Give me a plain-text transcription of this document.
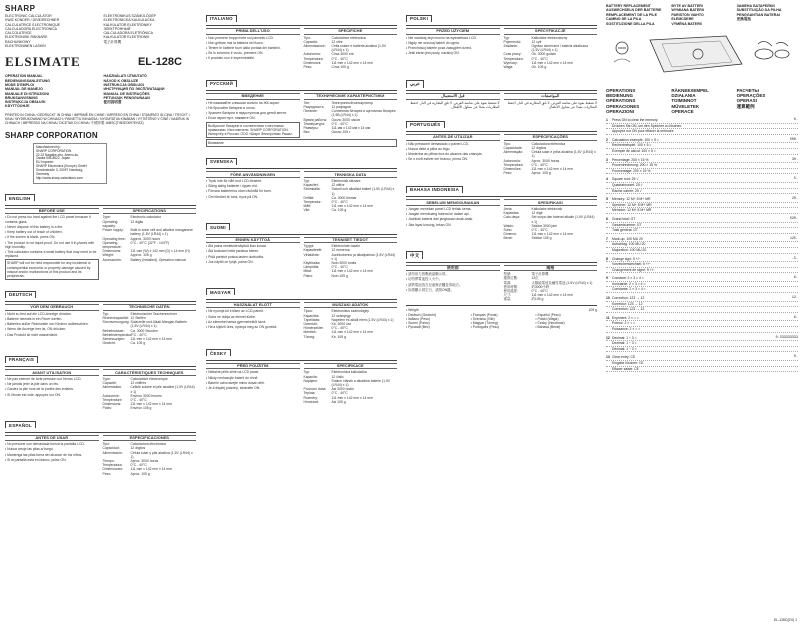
SHARP
ELECTRONIC CALCULATOR
KWIZ KONDER / DIVIDRECHNER
CALCULATRICE ELECTRONIQUE
CALCULADORA ELECTRONICA
CALCOLATRICE
ELEKTRONISK RÄKNARE
RACHUNKOWY
ELEKTRONINEN LASKIN
ELEKTRONIKUS SZÁMOLÓGÉP
ELEKTRONICKÁ KALKULAČKA
KALKULATOR ELEKTRONIKY
ЭЛЕКТРОННЫЙ
CALCULADORA ELETRÓNICA
KALKULATOR ELEKTRONIK
電子計算機
ELSIMATE	EL-128C
OPERATION MANUAL
BEDIENUNGSANLEITUNG
MODE D'EMPLOI
MANUAL DE MANEJO
MANUALE DI ISTRUZIONI
BRUKSANVISNING
INSTRUKCJA OBSŁUGI
KÄYTTÖOHJE
HASZNÁLATI ÚTMUTATÓ
NÁVOD K OBSLUZE
INSTRUKCJA OBSŁUGI
ИНСТРУКЦИЯ ПО ЭКСПЛУАТАЦИИ
MANUAL DE INSTRUÇÕES
PETUNJUK PENGGUNAAN
使用說明書
PRINTED IN CHINA / GEDRUCKT IN CHINA / IMPRIMÉ EN CHINE / IMPRESO EN CHINA / STAMPATO IN CINA / TRYCKT I KINA / WYDRUKOWANO W CHINACH / PAINETTU KIINASSA / NYOMTATVA KÍNÁBAN / VYTIŠTĚNO V ČÍNĚ / NADRUK W CHINACH / IMPRESSO NA CHINA / DICETAK DI CHINA / 中國印製 16BSC(TINSE0097EHZZ)
SHARP CORPORATION
Manufactured by:
SHARP CORPORATION
22-22 Nagaike-cho, Abeno-ku,
Osaka 545-8522, Japan
EU Importer:
SHARP Electronics (Europe) GmbH
Sonninstraße 3, 20097 Hamburg,
Germany
http://www.sharp-calculators.com
ENGLISH
BEFORE USE

• Do not press too hard against the LCD panel because it contains glass.

• Never dispose of this battery in a fire.

• Keep battery out of reach of children.

• If the screen is blank, press ON.

• The product is not liquid-proof. Do not use it in places with high humidity.

• This calculator contains a small battery that may need to be replaced.

SHARP will not be held responsible for any incidental or consequential economic or property damage caused by misuse and/or malfunctions of this product and its peripherals.
SPECIFICATIONS
Type:	Electronic calculator
Operating capacity:
12 digits
Power supply:	Built-in solar cell and alkaline manganese battery (1.5V (LR44) x 1)
Operating time:	Approx. 3000 hours
Operating temperature:
0°C - 40°C (32°F - 104°F)
Dimensions:	111 mm (W) x 142 mm (D) x 14 mm (H)
Weight:	Approx. 105 g
Accessories:	Battery (installed), Operation manual
DEUTSCH
VOR DEM GEBRAUCH

• Nicht zu fest auf die LCD-Anzeige drücken.

• Batterie niemals in ein Feuer werfen.

• Batterien außer Reichweite von Kindern aufbewahren.

• Wenn die Anzeige leer ist, ON drücken.

• Das Produkt ist nicht wasserdicht.

TECHNISCHE DATEN
Typ:	Elektronischer Taschenrechner
Rechenkapazität: 12 Stellen
Stromversorgung: Solarzelle und Alkali-Mangan-Batterie (1,5V (LR44) x 1)
Betriebsdauer:	Ca. 3000 Stunden
Betriebstemperatur:
0°C - 40°C
Abmessungen:	111 mm x 142 mm x 14 mm
Gewicht:	Ca. 105 g
FRANÇAIS
AVANT UTILISATION

• Ne pas exercer de forte pression sur l'écran LCD.

• Ne jamais jeter la pile dans un feu.

• Gardez la pile hors de la portée des enfants.

• Si l'écran est vide, appuyez sur ON.

CARACTÉRISTIQUES TECHNIQUES
Type:	Calculatrice électronique
Capacité:	12 chiffres
Alimentation:	Cellule solaire et pile alcaline (1,5V (LR44) x 1)
Autonomie:	Environ 3000 heures
Température:	0°C - 40°C
Dimensions:	111 mm x 142 mm x 14 mm
Poids:	Environ 105 g
ESPAÑOL
ANTES DE USAR

• No presione con demasiada fuerza la pantalla LCD.

• Nunca arroje las pilas al fuego.

• Mantenga las pilas fuera del alcance de los niños.

• Si la pantalla está en blanco, pulse ON.

ESPECIFICACIONES
Tipo:	Calculadora electrónica
Capacidad:	12 dígitos
Alimentación:	Célula solar y pila alcalina (1,5V (LR44) x 1)
Tiempo:	Aprox. 3000 horas
Temperatura:	0°C - 40°C
Dimensiones:	111 mm x 142 mm x 14 mm
Peso:	Aprox. 105 g
ITALIANO
PRIMA DELL'USO

• Non premere troppo forte sul pannello LCD.

• Non gettare mai la batteria nel fuoco.

• Tenere le batterie fuori dalla portata dei bambini.

• Se lo schermo è vuoto, premere ON.

• Il prodotto non è impermeabile.

SPECIFICHE
Tipo:	Calcolatrice elettronica
Capacità:	12 cifre
Alimentazione:	Cella solare e batteria alcalina (1,5V (LR44) x 1)
Autonomia:	Circa 3000 ore
Temperatura:	0°C - 40°C
Dimensioni:	111 mm x 142 mm x 14 mm
Peso:	Circa 105 g
РУССКИЙ
ВВЕДЕНИЕ

• Не нажимайте слишком сильно на ЖК-экран.

• Не бросайте батарею в огонь.

• Храните батареи в недоступном для детей месте.

• Если экран пуст, нажмите ON.

Выбросьте батарею в соответствии с местными правилами. Изготовитель: SHARP CORPORATION. Импортёр в России: ООО «Шарп Электроникс Раша».
ТЕХНИЧЕСКИЕ ХАРАКТЕРИСТИКИ
Тип:	Электронный калькулятор
Разрядность:	12 разрядов
Питание:	Солнечная батарея и щелочная батарея (1,5В (LR44) x 1)
Время работы:	Около 3000 часов
Температура:	0°C - 40°C
Размеры:	111 мм x 142 мм x 14 мм
Вес:	Около 105 г
Внимание
SVENSKA
FÖRE ANVÄNDNINGEN

• Tryck inte för hårt mot LCD-fönstret.

• Släng aldrig batteriet i öppen eld.

• Förvara batterierna utom räckhåll för barn.

• Om fönstret är tomt, tryck på ON.

TEKNISKA DATA
Typ:	Elektronisk räknare
Kapacitet:	12 siffror
Strömkälla:	Solcell och alkaliskt batteri (1,5V (LR44) x 1)
Drifttid:	Ca. 3000 timmar
Temperatur:	0°C - 40°C
Mått:	111 mm x 142 mm x 14 mm
Vikt:	Ca. 105 g
SUOMI
ENNEN KÄYTTÖÄ

• Älä paina nestekidenäyttöä liian kovaa.

• Älä koskaan heitä paristoa tuleen.

• Pidä paristot poissa lasten ulottuvilta.

• Jos näyttö on tyhjä, paina ON.

TEKNISET TIEDOT
Tyyppi:	Elektroninen laskin
Kapasiteetti:	12 numeroa
Virtalähde:	Aurinkokenno ja alkaliparisto (1,5V (LR44) x 1)
Käyttöaika:	Noin 3000 tuntia
Lämpötila:	0°C - 40°C
Mitat:	111 mm x 142 mm x 14 mm
Paino:	Noin 105 g
MAGYAR
HASZNÁLAT ELŐTT

• Ne nyomja túl erősen az LCD-panelt.

• Soha ne dobja az elemet tűzbe.

• Az elemeket tartsa gyermekektől távol.

• Ha a kijelző üres, nyomja meg az ON gombot.

MŰSZAKI ADATOK
Típus:	Elektronikus számológép
Kapacitás:	12 számjegy
Tápellátás:	Napelem és alkáli elem (1,5V (LR44) x 1)
Üzemidő:	Kb. 3000 óra
Hőmérséklet:	0°C - 40°C
Méretek:	111 mm x 142 mm x 14 mm
Tömeg:	Kb. 105 g
ČESKY
PŘED POUŽITÍM

• Netlačte příliš silně na LCD panel.

• Nikdy nevhazujte baterii do ohně.

• Baterie uchovávejte mimo dosah dětí.

• Je-li displej prázdný, stiskněte ON.

SPECIFIKACE
Typ:	Elektronická kalkulačka
Kapacita:	12 číslic
Napájení:	Solární článek a alkalická baterie (1,5V (LR44) x 1)
Provozní doba:	Asi 3000 hodin
Teplota:	0°C - 40°C
Rozměry:	111 mm x 142 mm x 14 mm
Hmotnost:	Asi 105 g
POLSKI
PRZED UŻYCIEM

• Nie naciskaj zbyt mocno na wyświetlacz LCD.

• Nigdy nie wrzucaj baterii do ognia.

• Przechowuj baterie poza zasięgiem dzieci.

• Jeśli ekran jest pusty, naciśnij ON.

SPECYFIKACJE
Typ:	Kalkulator elektroniczny
Pojemność:	12 cyfr
Zasilanie:	Ogniwo słoneczne i bateria alkaliczna (1,5V (LR44) x 1)
Czas pracy:	Ok. 3000 godzin
Temperatura:	0°C - 40°C
Wymiary:	111 mm x 142 mm x 14 mm
Waga:	Ok. 105 g
عربي
المواصفات

لا تضغط بقوة على شاشة العرض. لا تلقِ البطارية في النار. احفظ البطاريات بعيدًا عن متناول الأطفال.

قبل الاستعمال

لا تضغط بقوة على شاشة العرض. لا تلقِ البطارية في النار. احفظ البطاريات بعيدًا عن متناول الأطفال.

PORTUGUÊS
ANTES DE UTILIZAR

• Não pressione demasiado o painel LCD.

• Nunca deite a pilha ao fogo.

• Mantenha as pilhas fora do alcance das crianças.

• Se o ecrã estiver em branco, prima ON.

ESPECIFICAÇÕES
Tipo:	Calculadora eletrónica
Capacidade:	12 dígitos
Alimentação:	Célula solar e pilha alcalina (1,5V (LR44) x 1)
Autonomia:	Aprox. 3000 horas
Temperatura:	0°C - 40°C
Dimensões:	111 mm x 142 mm x 14 mm
Peso:	Aprox. 105 g
BAHASA INDONESIA
SEBELUM MENGGUNAKAN

• Jangan menekan panel LCD terlalu keras.

• Jangan membuang baterai ke dalam api.

• Jauhkan baterai dari jangkauan anak-anak.

• Jika layar kosong, tekan ON.

SPESIFIKASI
Jenis:	Kalkulator elektronik
Kapasitas:	12 digit
Catu daya:	Sel surya dan baterai alkalin (1,5V (LR44) x 1)
Waktu:	Sekitar 3000 jam
Suhu:	0°C - 40°C
Dimensi:	111 mm x 142 mm x 14 mm
Berat:	Sekitar 105 g
中文
使用前

• 請勿用力按壓液晶顯示屏。

• 切勿將電池投入火中。

• 請將電池放在兒童無法觸及的地方。

• 如果顯示屏空白，請按ON鍵。

規格
型號:	電子計算機
運算位數:	12位
電源:	太陽能電池及鹼性電池 (1.5V (LR44) x 1)
使用時間:	約3000小時
使用溫度:	0°C - 40°C
尺寸:	111 mm x 142 mm x 14 mm
重量:	約105 g
• Weight	105 g
• Deutsch (Gewicht)	• Français (Poids)	• Español (Peso)
• Italiano (Peso)	• Svenska (Vikt)	• Polski (Waga)
• Suomi (Paino)	• Magyar (Tömeg)	• Česky (Hmotnost)
• Русский (Вес)	• Português (Peso)	• Bahasa (Berat)
BATTERY REPLACEMENT
AUSWECHSELN DER BATTERIE
REMPLACEMENT DE LA PILE
CAMBIO DE LA PILA
SOSTITUZIONE DELLA PILA
BYTE AV BATTERI
WYMIANA BATERII
PARISTON VAIHTO
ELEMCSERE
VÝMĚNA BATERIÍ
ЗАМЕНА БАТАРЕЙКИ
SUBSTITUIÇÃO DA PILHA
PENGGANTIAN BATERAI
更換電池
OPERATIONS
BEDIENUNG
OPÉRATIONS
OPERACIONES
OPERAZIONI
RÄKNEEXEMPEL
DZIAŁANIA
TOIMINNOT
MŰVELETEK
OPERACE
РАСЧЕТЫ
OPERAÇÕES
OPERASI
運算範例
1	Press ON to clear the memory.	0.
Drücken Sie ON, um den Speicher zu löschen.
Appuyez sur ON pour effacer la mémoire.
2	Calculation example: 100 × 5 =	500.
Rechenbeispiel: 100 × 5 =
Exemple de calcul: 100 × 5 =
3	Percentage: 200 × 15 %	30.
Prozentrechnung: 200 × 15 %
Pourcentage: 200 × 15 %
4	Square root: 25 √	5.
Quadratwurzel: 25 √
Racine carrée: 25 √
5	Memory: 12 M+ 8 M+ MR	20.
Speicher: 12 M+ 8 M+ MR
Mémoire: 12 M+ 8 M+ MR
6	Grand total: GT	520.
Gesamtsumme: GT
Total général: GT
7	Mark-up: 100 MU 20	125.
Aufschlag: 100 MU 20
Majoration: 100 MU 20
8	Change sign: 5 +/−	-5.
Vorzeichenwechsel: 5 +/−
Changement de signe: 5 +/−
9	Constant: 2 × 3 = 4 =	8.
Konstante: 2 × 3 = 4 =
Constante: 2 × 3 = 4 =
10 Correction: 123 → 12	12.
Korrektur: 123 → 12
Correction: 123 → 12
11 Exponent: 2 × = =	8.
Potenz: 2 × = =
Puissance: 2 × = =
12 Decimal: 1 ÷ 3 =	0.333333333
Dezimal: 1 ÷ 3 =
Décimal: 1 ÷ 3 =
13 Clear entry: CE	0.
Eingabe löschen: CE
Effacer saisie: CE
EL-128C(EX) 1
